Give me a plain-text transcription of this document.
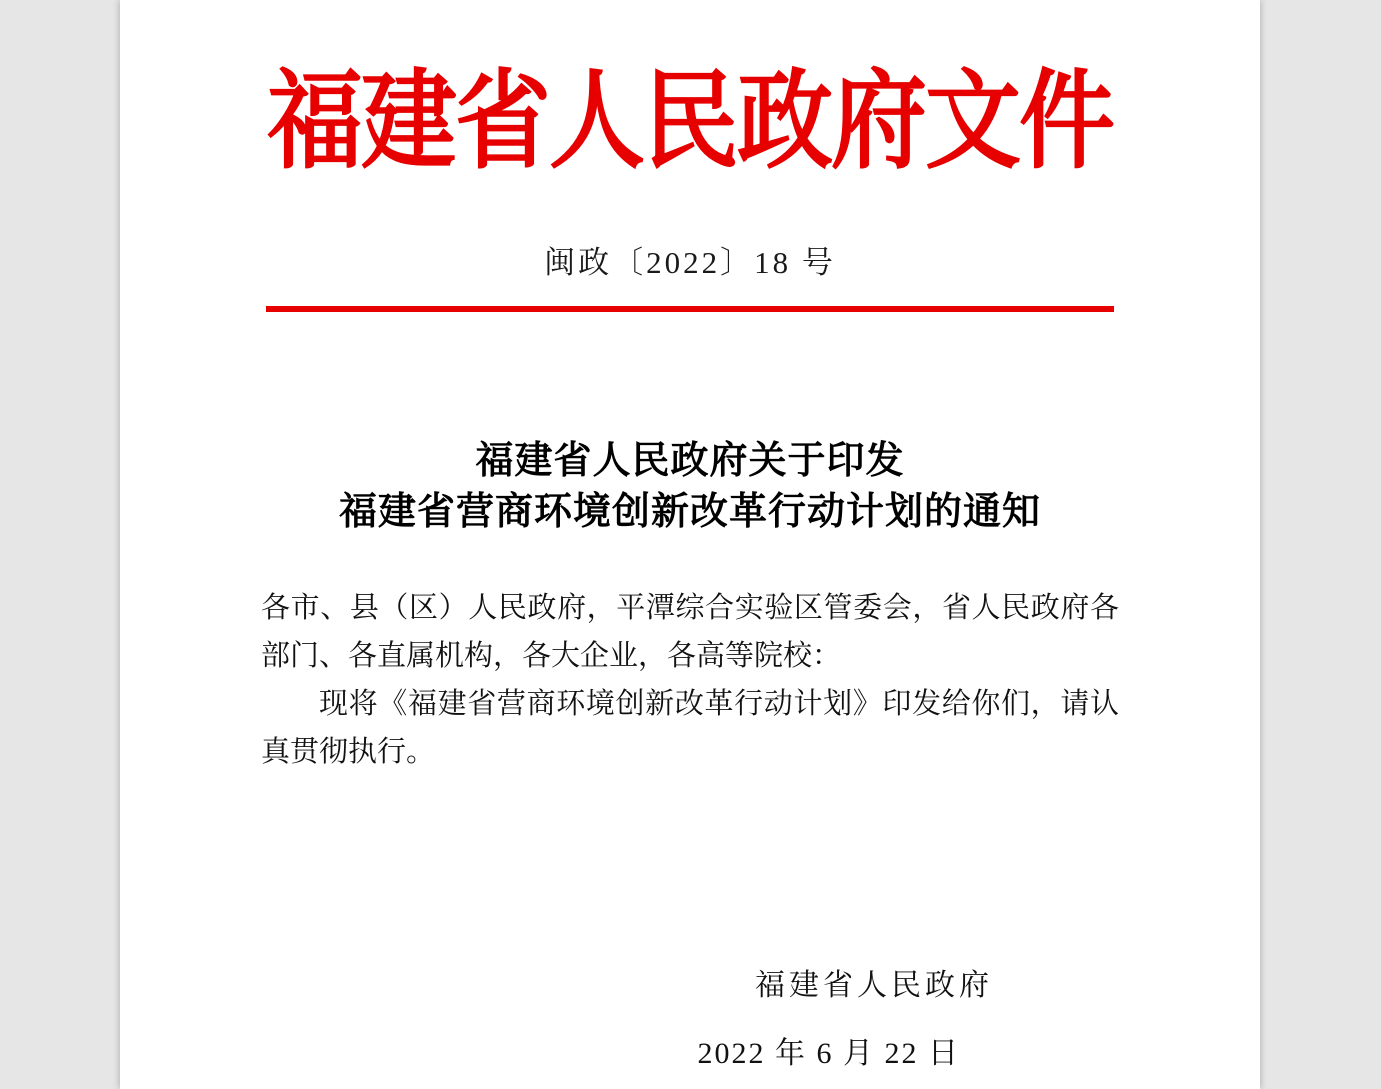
福建省人民政府文件
闽政〔2022〕18 号
福建省人民政府关于印发
福建省营商环境创新改革行动计划的通知

各市、县（区）人民政府，平潭综合实验区管委会，省人民政府各部门、各直属机构，各大企业，各高等院校：

现将《福建省营商环境创新改革行动计划》印发给你们，请认真贯彻执行。

福建省人民政府
2022 年 6 月 22 日
